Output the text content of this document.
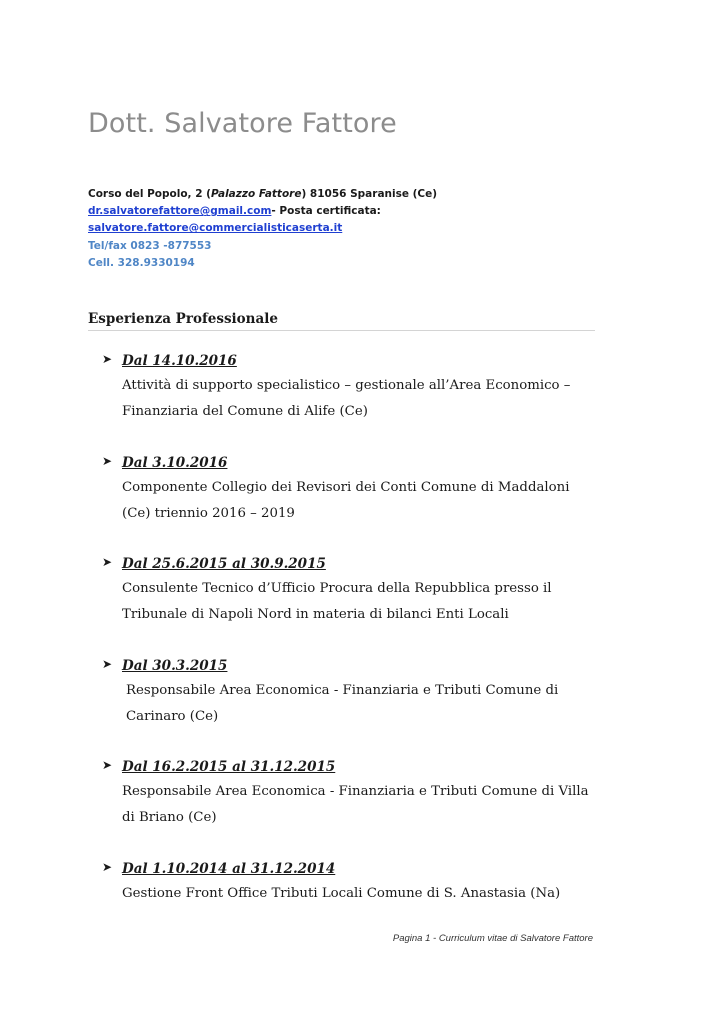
Dott. Salvatore Fattore
Corso del Popolo, 2 (Palazzo Fattore) 81056 Sparanise (Ce)
dr.salvatorefattore@gmail.com- Posta certificata:
salvatore.fattore@commercialisticaserta.it
Tel/fax 0823 -877553
Cell. 328.9330194
Esperienza Professionale
➤ Dal 14.10.2016
Attività di supporto specialistico – gestionale all’Area Economico –
Finanziaria del Comune di Alife (Ce)
➤ Dal 3.10.2016
Componente Collegio dei Revisori dei Conti Comune di Maddaloni
(Ce) triennio 2016 – 2019
➤ Dal 25.6.2015 al 30.9.2015
Consulente Tecnico d’Ufficio Procura della Repubblica presso il
Tribunale di Napoli Nord in materia di bilanci Enti Locali
➤ Dal 30.3.2015
Responsabile Area Economica - Finanziaria e Tributi Comune di
Carinaro (Ce)
➤ Dal 16.2.2015 al 31.12.2015
Responsabile Area Economica - Finanziaria e Tributi Comune di Villa
di Briano (Ce)
➤ Dal 1.10.2014 al 31.12.2014
Gestione Front Office Tributi Locali Comune di S. Anastasia (Na)
Pagina 1 - Curriculum vitae di Salvatore Fattore
